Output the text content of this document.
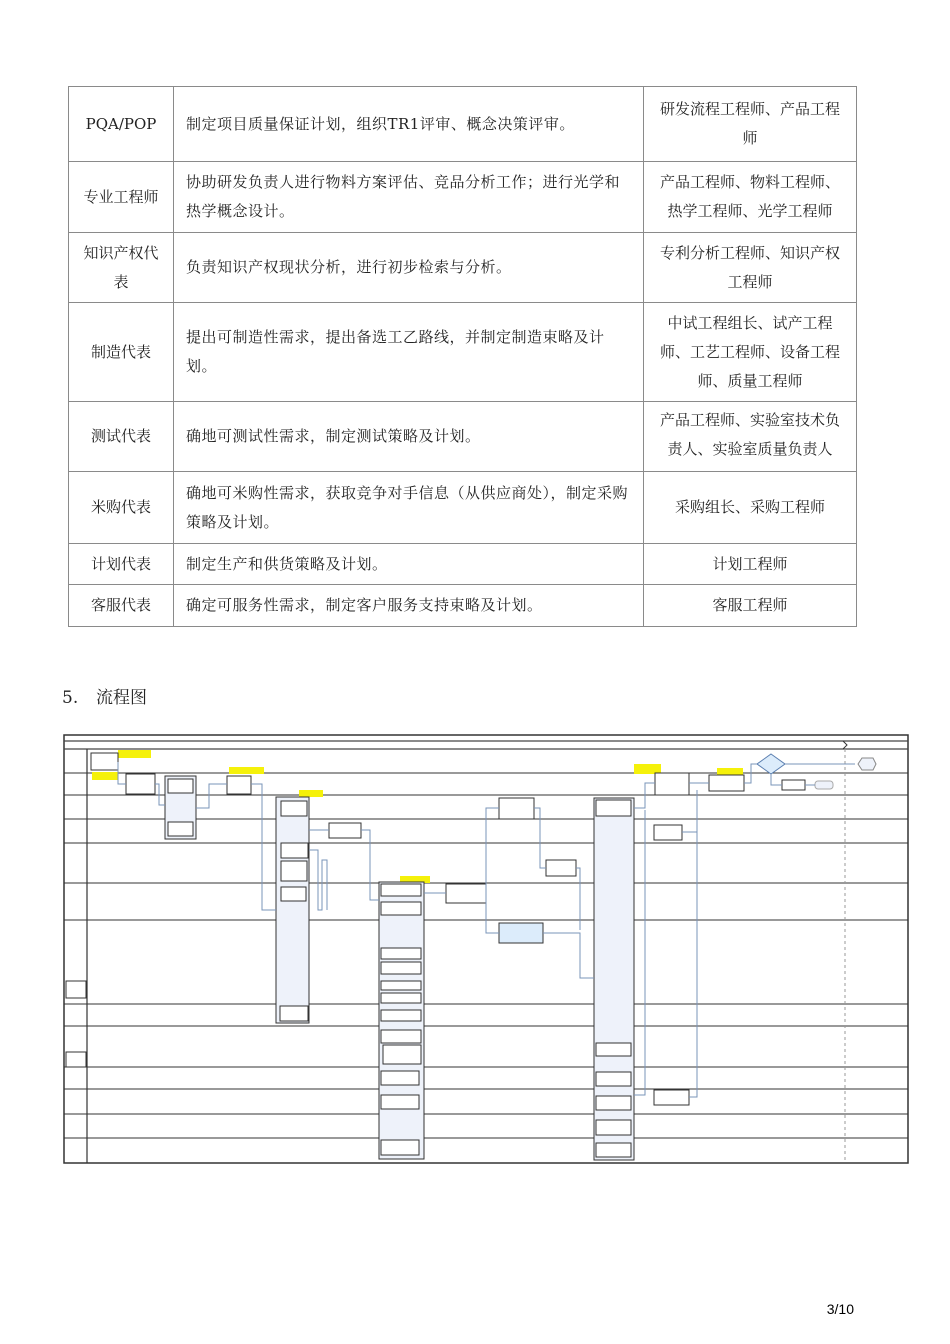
PQA/POP	制定项目质量保证计划，组织TR1评审、概念决策评审。	研发流程工程师、产品工程师
专业工程师	协助研发负责人进行物料方案评估、竞品分析工作；进行光学和热学概念设计。	产品工程师、物料工程师、热学工程师、光学工程师

知识产权代表	负责知识产权现状分析，进行初步检索与分析。	专利分析工程师、知识产权工程师
制造代表	提出可制造性需求，提出备选工乙路线，并制定制造束略及计划。	中试工程组长、试产工程师、工艺工程师、设备工程师、质量工程师
测试代表	确地可测试性需求，制定测试策略及计划。	产品工程师、实验室技术负责人、实验室质量负责人

米购代表	确地可米购性需求，获取竞争对手信息（从供应商处），制定采购策略及计划。	采购组长、采购工程师
计划代表	制定生产和供货策略及计划。	计划工程师
客服代表	确定可服务性需求，制定客户服务支持束略及计划。	客服工程师
5. 流程图
3/10
